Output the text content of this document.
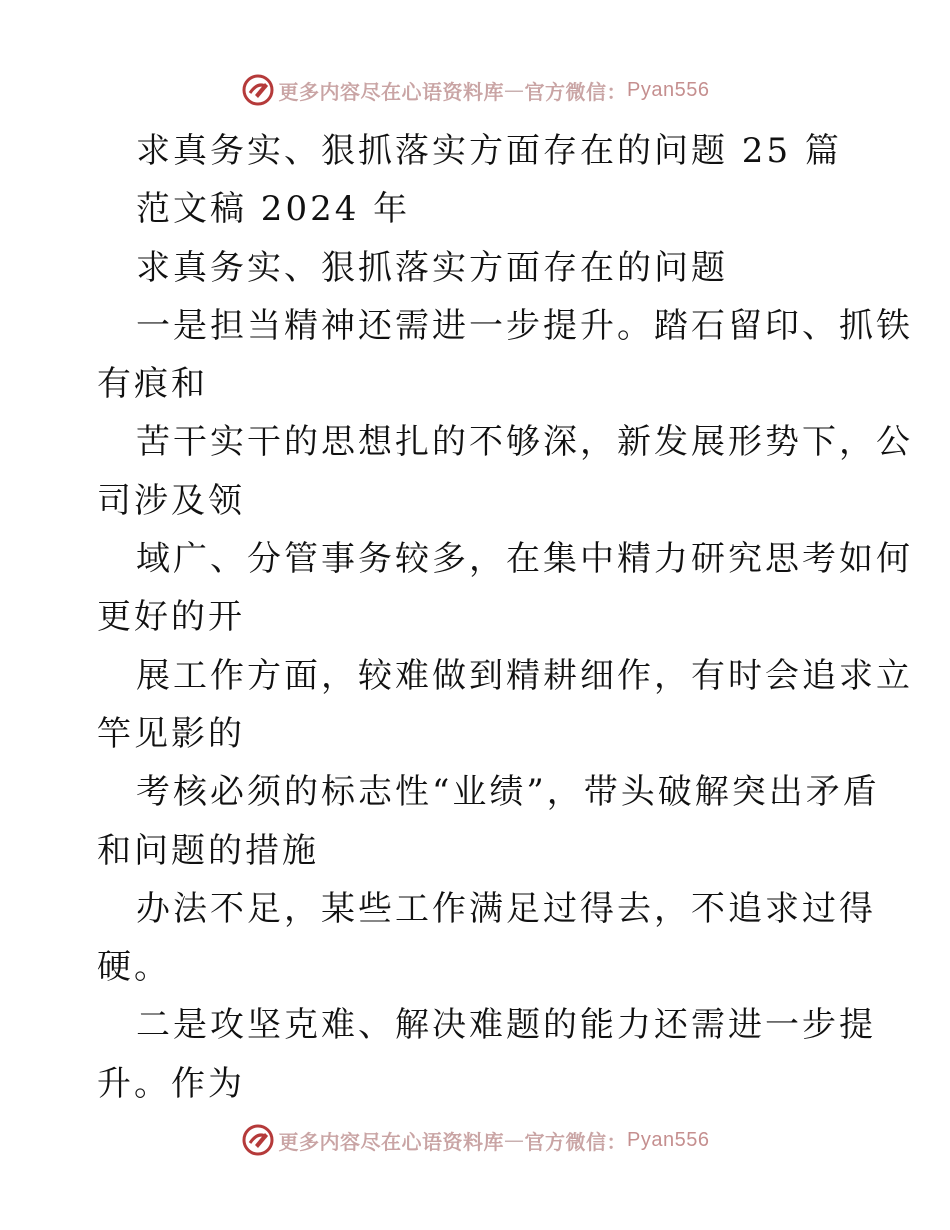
更多内容尽在心语资料库 — 官方微信： Pyan556
求真务实、狠抓落实方面存在的问题 25 篇
范文稿 2024 年
求真务实、狠抓落实方面存在的问题
一是担当精神还需进一步提升。踏石留印、抓铁
有痕和
苦干实干的思想扎的不够深，新发展形势下，公
司涉及领
域广、分管事务较多，在集中精力研究思考如何
更好的开
展工作方面，较难做到精耕细作，有时会追求立
竿见影的
考核必须的标志性“业绩”，带头破解突出矛盾
和问题的措施
办法不足，某些工作满足过得去，不追求过得
硬。
二是攻坚克难、解决难题的能力还需进一步提
升。作为
更多内容尽在心语资料库 — 官方微信： Pyan556
